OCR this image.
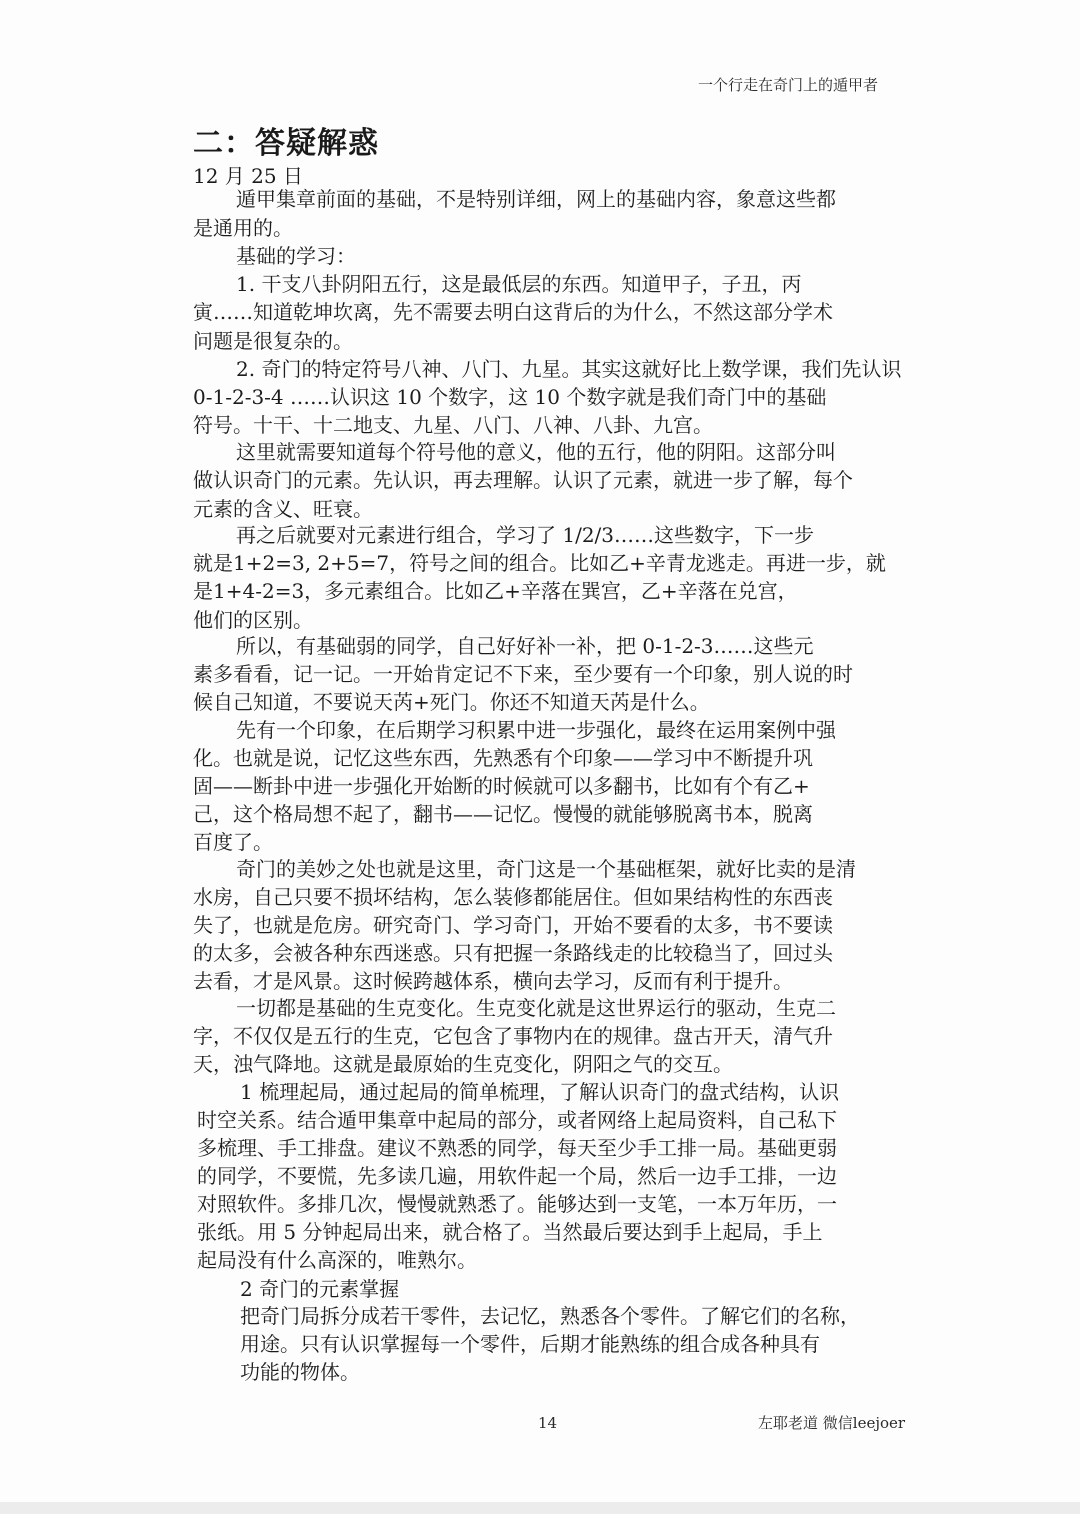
一个行走在奇门上的遁甲者
二：答疑解惑
12 月 25 日
遁甲集章前面的基础，不是特别详细，网上的基础内容，象意这些都
是通用的。
基础的学习：
1. 干支八卦阴阳五行，这是最低层的东西。知道甲子，子丑，丙
寅……知道乾坤坎离，先不需要去明白这背后的为什么，不然这部分学术
问题是很复杂的。
2. 奇门的特定符号八神、八门、九星。其实这就好比上数学课，我们先认识
0-1-2-3-4 ……认识这 10 个数字，这 10 个数字就是我们奇门中的基础
符号。十干、十二地支、九星、八门、八神、八卦、九宫。
这里就需要知道每个符号他的意义，他的五行，他的阴阳。这部分叫
做认识奇门的元素。先认识，再去理解。认识了元素，就进一步了解，每个
元素的含义、旺衰。
再之后就要对元素进行组合，学习了 1/2/3……这些数字，下一步
就是1+2=3, 2+5=7，符号之间的组合。比如乙+辛青龙逃走。再进一步，就
是1+4-2=3，多元素组合。比如乙+辛落在巽宫，乙+辛落在兑宫，
他们的区别。
所以，有基础弱的同学，自己好好补一补，把 0-1-2-3……这些元
素多看看，记一记。一开始肯定记不下来，至少要有一个印象，别人说的时
候自己知道，不要说天芮+死门。你还不知道天芮是什么。
先有一个印象，在后期学习积累中进一步强化，最终在运用案例中强
化。也就是说，记忆这些东西，先熟悉有个印象——学习中不断提升巩
固——断卦中进一步强化开始断的时候就可以多翻书，比如有个有乙+
己，这个格局想不起了，翻书——记忆。慢慢的就能够脱离书本，脱离
百度了。
奇门的美妙之处也就是这里，奇门这是一个基础框架，就好比卖的是清
水房，自己只要不损坏结构，怎么装修都能居住。但如果结构性的东西丧
失了，也就是危房。研究奇门、学习奇门，开始不要看的太多，书不要读
的太多，会被各种东西迷惑。只有把握一条路线走的比较稳当了，回过头
去看，才是风景。这时候跨越体系，横向去学习，反而有利于提升。
一切都是基础的生克变化。生克变化就是这世界运行的驱动，生克二
字，不仅仅是五行的生克，它包含了事物内在的规律。盘古开天，清气升
天，浊气降地。这就是最原始的生克变化，阴阳之气的交互。
1 梳理起局，通过起局的简单梳理，了解认识奇门的盘式结构，认识
时空关系。结合遁甲集章中起局的部分，或者网络上起局资料，自己私下
多梳理、手工排盘。建议不熟悉的同学，每天至少手工排一局。基础更弱
的同学，不要慌，先多读几遍，用软件起一个局，然后一边手工排，一边
对照软件。多排几次，慢慢就熟悉了。能够达到一支笔，一本万年历，一
张纸。用 5 分钟起局出来，就合格了。当然最后要达到手上起局，手上
起局没有什么高深的，唯熟尔。
2 奇门的元素掌握
把奇门局拆分成若干零件，去记忆，熟悉各个零件。了解它们的名称，
用途。只有认识掌握每一个零件，后期才能熟练的组合成各种具有
功能的物体。
14	左耶老道 微信leejoer
